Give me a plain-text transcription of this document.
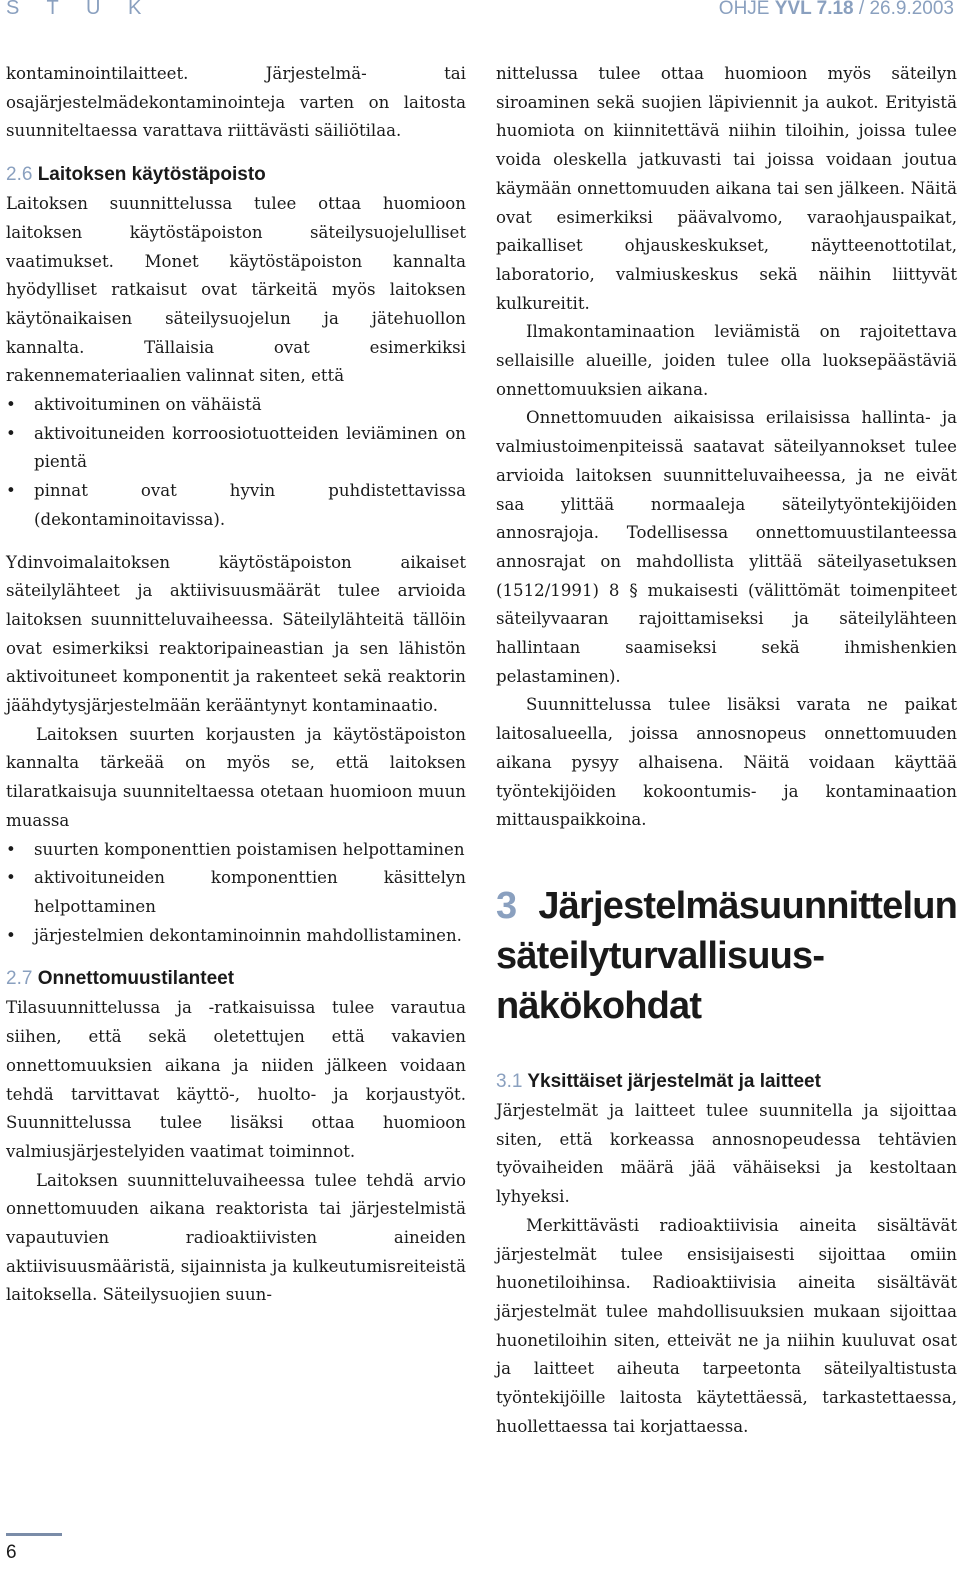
S T U K	OHJE YVL 7.18 / 26.9.2003

kontaminointilaitteet. Järjestelmä- tai osajärjestelmädekontaminointeja varten on laitosta suunniteltaessa varattava riittävästi säiliötilaa.

2.6 Laitoksen käytöstäpoisto

Laitoksen suunnittelussa tulee ottaa huomioon laitoksen käytöstäpoiston säteilysuojelulliset vaatimukset. Monet käytöstäpoiston kannalta hyödylliset ratkaisut ovat tärkeitä myös laitoksen käytönaikaisen säteilysuojelun ja jätehuollon kannalta. Tällaisia ovat esimerkiksi rakennemateriaalien valinnat siten, että

• aktivoituminen on vähäistä
• aktivoituneiden korroosiotuotteiden leviäminen on pientä
• pinnat ovat hyvin puhdistettavissa (dekontaminoitavissa).

Ydinvoimalaitoksen käytöstäpoiston aikaiset säteilylähteet ja aktiivisuusmäärät tulee arvioida laitoksen suunnitteluvaiheessa. Säteilylähteitä tällöin ovat esimerkiksi reaktoripaineastian ja sen lähistön aktivoituneet komponentit ja rakenteet sekä reaktorin jäähdytysjärjestelmään kerääntynyt kontaminaatio.

Laitoksen suurten korjausten ja käytöstäpoiston kannalta tärkeää on myös se, että laitoksen tilaratkaisuja suunniteltaessa otetaan huomioon muun muassa

• suurten komponenttien poistamisen helpottaminen
• aktivoituneiden komponenttien käsittelyn helpottaminen
• järjestelmien dekontaminoinnin mahdollistaminen.
2.7 Onnettomuustilanteet

Tilasuunnittelussa ja -ratkaisuissa tulee varautua siihen, että sekä oletettujen että vakavien onnettomuuksien aikana ja niiden jälkeen voidaan tehdä tarvittavat käyttö-, huolto- ja korjaustyöt. Suunnittelussa tulee lisäksi ottaa huomioon valmiusjärjestelyiden vaatimat toiminnot.

Laitoksen suunnitteluvaiheessa tulee tehdä arvio onnettomuuden aikana reaktorista tai järjestelmistä vapautuvien radioaktiivisten aineiden aktiivisuusmääristä, sijainnista ja kulkeutumisreiteistä laitoksella. Säteilysuojien suun-

nittelussa tulee ottaa huomioon myös säteilyn siroaminen sekä suojien läpiviennit ja aukot. Erityistä huomiota on kiinnitettävä niihin tiloihin, joissa tulee voida oleskella jatkuvasti tai joissa voidaan joutua käymään onnettomuuden aikana tai sen jälkeen. Näitä ovat esimerkiksi päävalvomo, varaohjauspaikat, paikalliset ohjauskeskukset, näytteenottotilat, laboratorio, valmiuskeskus sekä näihin liittyvät kulkureitit.

Ilmakontaminaation leviämistä on rajoitettava sellaisille alueille, joiden tulee olla luoksepäästäviä onnettomuuksien aikana.

Onnettomuuden aikaisissa erilaisissa hallinta- ja valmiustoimenpiteissä saatavat säteilyannokset tulee arvioida laitoksen suunnitteluvaiheessa, ja ne eivät saa ylittää normaaleja säteilytyöntekijöiden annosrajoja. Todellisessa onnettomuustilanteessa annosrajat on mahdollista ylittää säteilyasetuksen (1512/1991) 8 § mukaisesti (välittömät toimenpiteet säteilyvaaran rajoittamiseksi ja säteilylähteen hallintaan saamiseksi sekä ihmishenkien pelastaminen).

Suunnittelussa tulee lisäksi varata ne paikat laitosalueella, joissa annosnopeus onnettomuuden aikana pysyy alhaisena. Näitä voidaan käyttää työntekijöiden kokoontumis- ja kontaminaation mittauspaikkoina.

3 Järjestelmäsuunnittelun
säteilyturvallisuus-
näkökohdat
3.1 Yksittäiset järjestelmät ja laitteet

Järjestelmät ja laitteet tulee suunnitella ja sijoittaa siten, että korkeassa annosnopeudessa tehtävien työvaiheiden määrä jää vähäiseksi ja kestoltaan lyhyeksi.

Merkittävästi radioaktiivisia aineita sisältävät järjestelmät tulee ensisijaisesti sijoittaa omiin huonetiloihinsa. Radioaktiivisia aineita sisältävät järjestelmät tulee mahdollisuuksien mukaan sijoittaa huonetiloihin siten, etteivät ne ja niihin kuuluvat osat ja laitteet aiheuta tarpeetonta säteilyaltistusta työntekijöille laitosta käytettäessä, tarkastettaessa, huollettaessa tai korjattaessa.

6
